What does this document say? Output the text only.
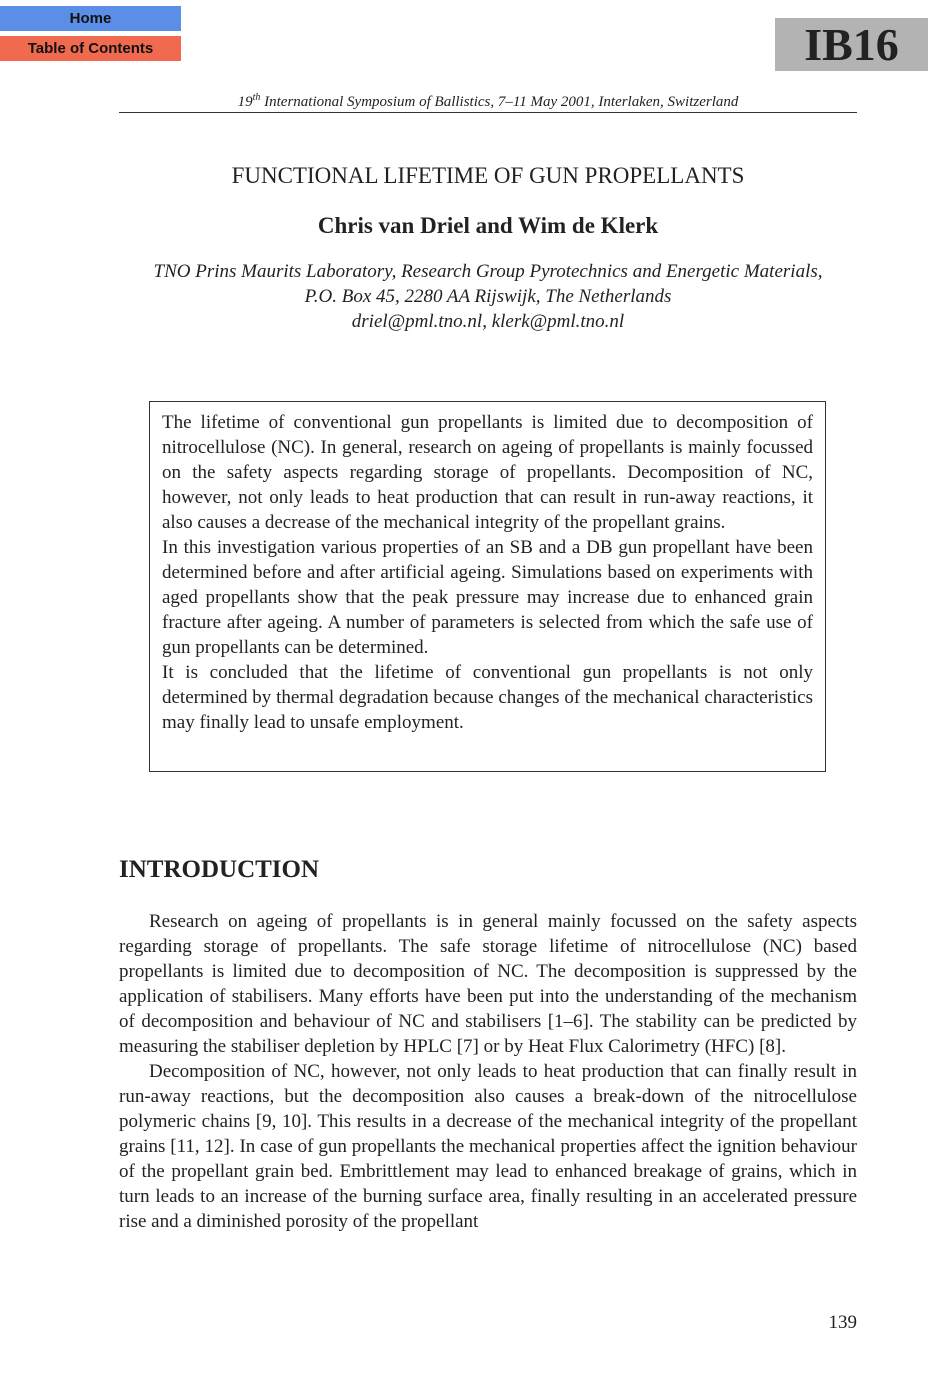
Home
Table of Contents	IB16
19th International Symposium of Ballistics, 7–11 May 2001, Interlaken, Switzerland
FUNCTIONAL LIFETIME OF GUN PROPELLANTS
Chris van Driel and Wim de Klerk
TNO Prins Maurits Laboratory, Research Group Pyrotechnics and Energetic Materials,
P.O. Box 45, 2280 AA Rijswijk, The Netherlands
driel@pml.tno.nl, klerk@pml.tno.nl

The lifetime of conventional gun propellants is limited due to decomposition of nitrocellulose (NC). In general, research on ageing of propellants is mainly focussed on the safety aspects regarding storage of propellants. Decomposition of NC, however, not only leads to heat production that can result in run-away reactions, it also causes a decrease of the mechanical integrity of the propellant grains.

In this investigation various properties of an SB and a DB gun propellant have been determined before and after artificial ageing. Simulations based on experiments with aged propellants show that the peak pressure may increase due to enhanced grain fracture after ageing. A number of parameters is selected from which the safe use of gun propellants can be determined.

It is concluded that the lifetime of conventional gun propellants is not only determined by thermal degradation because changes of the mechanical characteristics may finally lead to unsafe employment.

INTRODUCTION

Research on ageing of propellants is in general mainly focussed on the safety aspects regarding storage of propellants. The safe storage lifetime of nitrocellulose (NC) based propellants is limited due to decomposition of NC. The decomposition is suppressed by the application of stabilisers. Many efforts have been put into the understanding of the mechanism of decomposition and behaviour of NC and stabilisers [1–6]. The stability can be predicted by measuring the stabiliser depletion by HPLC [7] or by Heat Flux Calorimetry (HFC) [8].

Decomposition of NC, however, not only leads to heat production that can finally result in run-away reactions, but the decomposition also causes a break-down of the nitrocellulose polymeric chains [9, 10]. This results in a decrease of the mechanical integrity of the propellant grains [11, 12]. In case of gun propellants the mechanical properties affect the ignition behaviour of the propellant grain bed. Embrittlement may lead to enhanced breakage of grains, which in turn leads to an increase of the burning surface area, finally resulting in an accelerated pressure rise and a diminished porosity of the propellant

139
